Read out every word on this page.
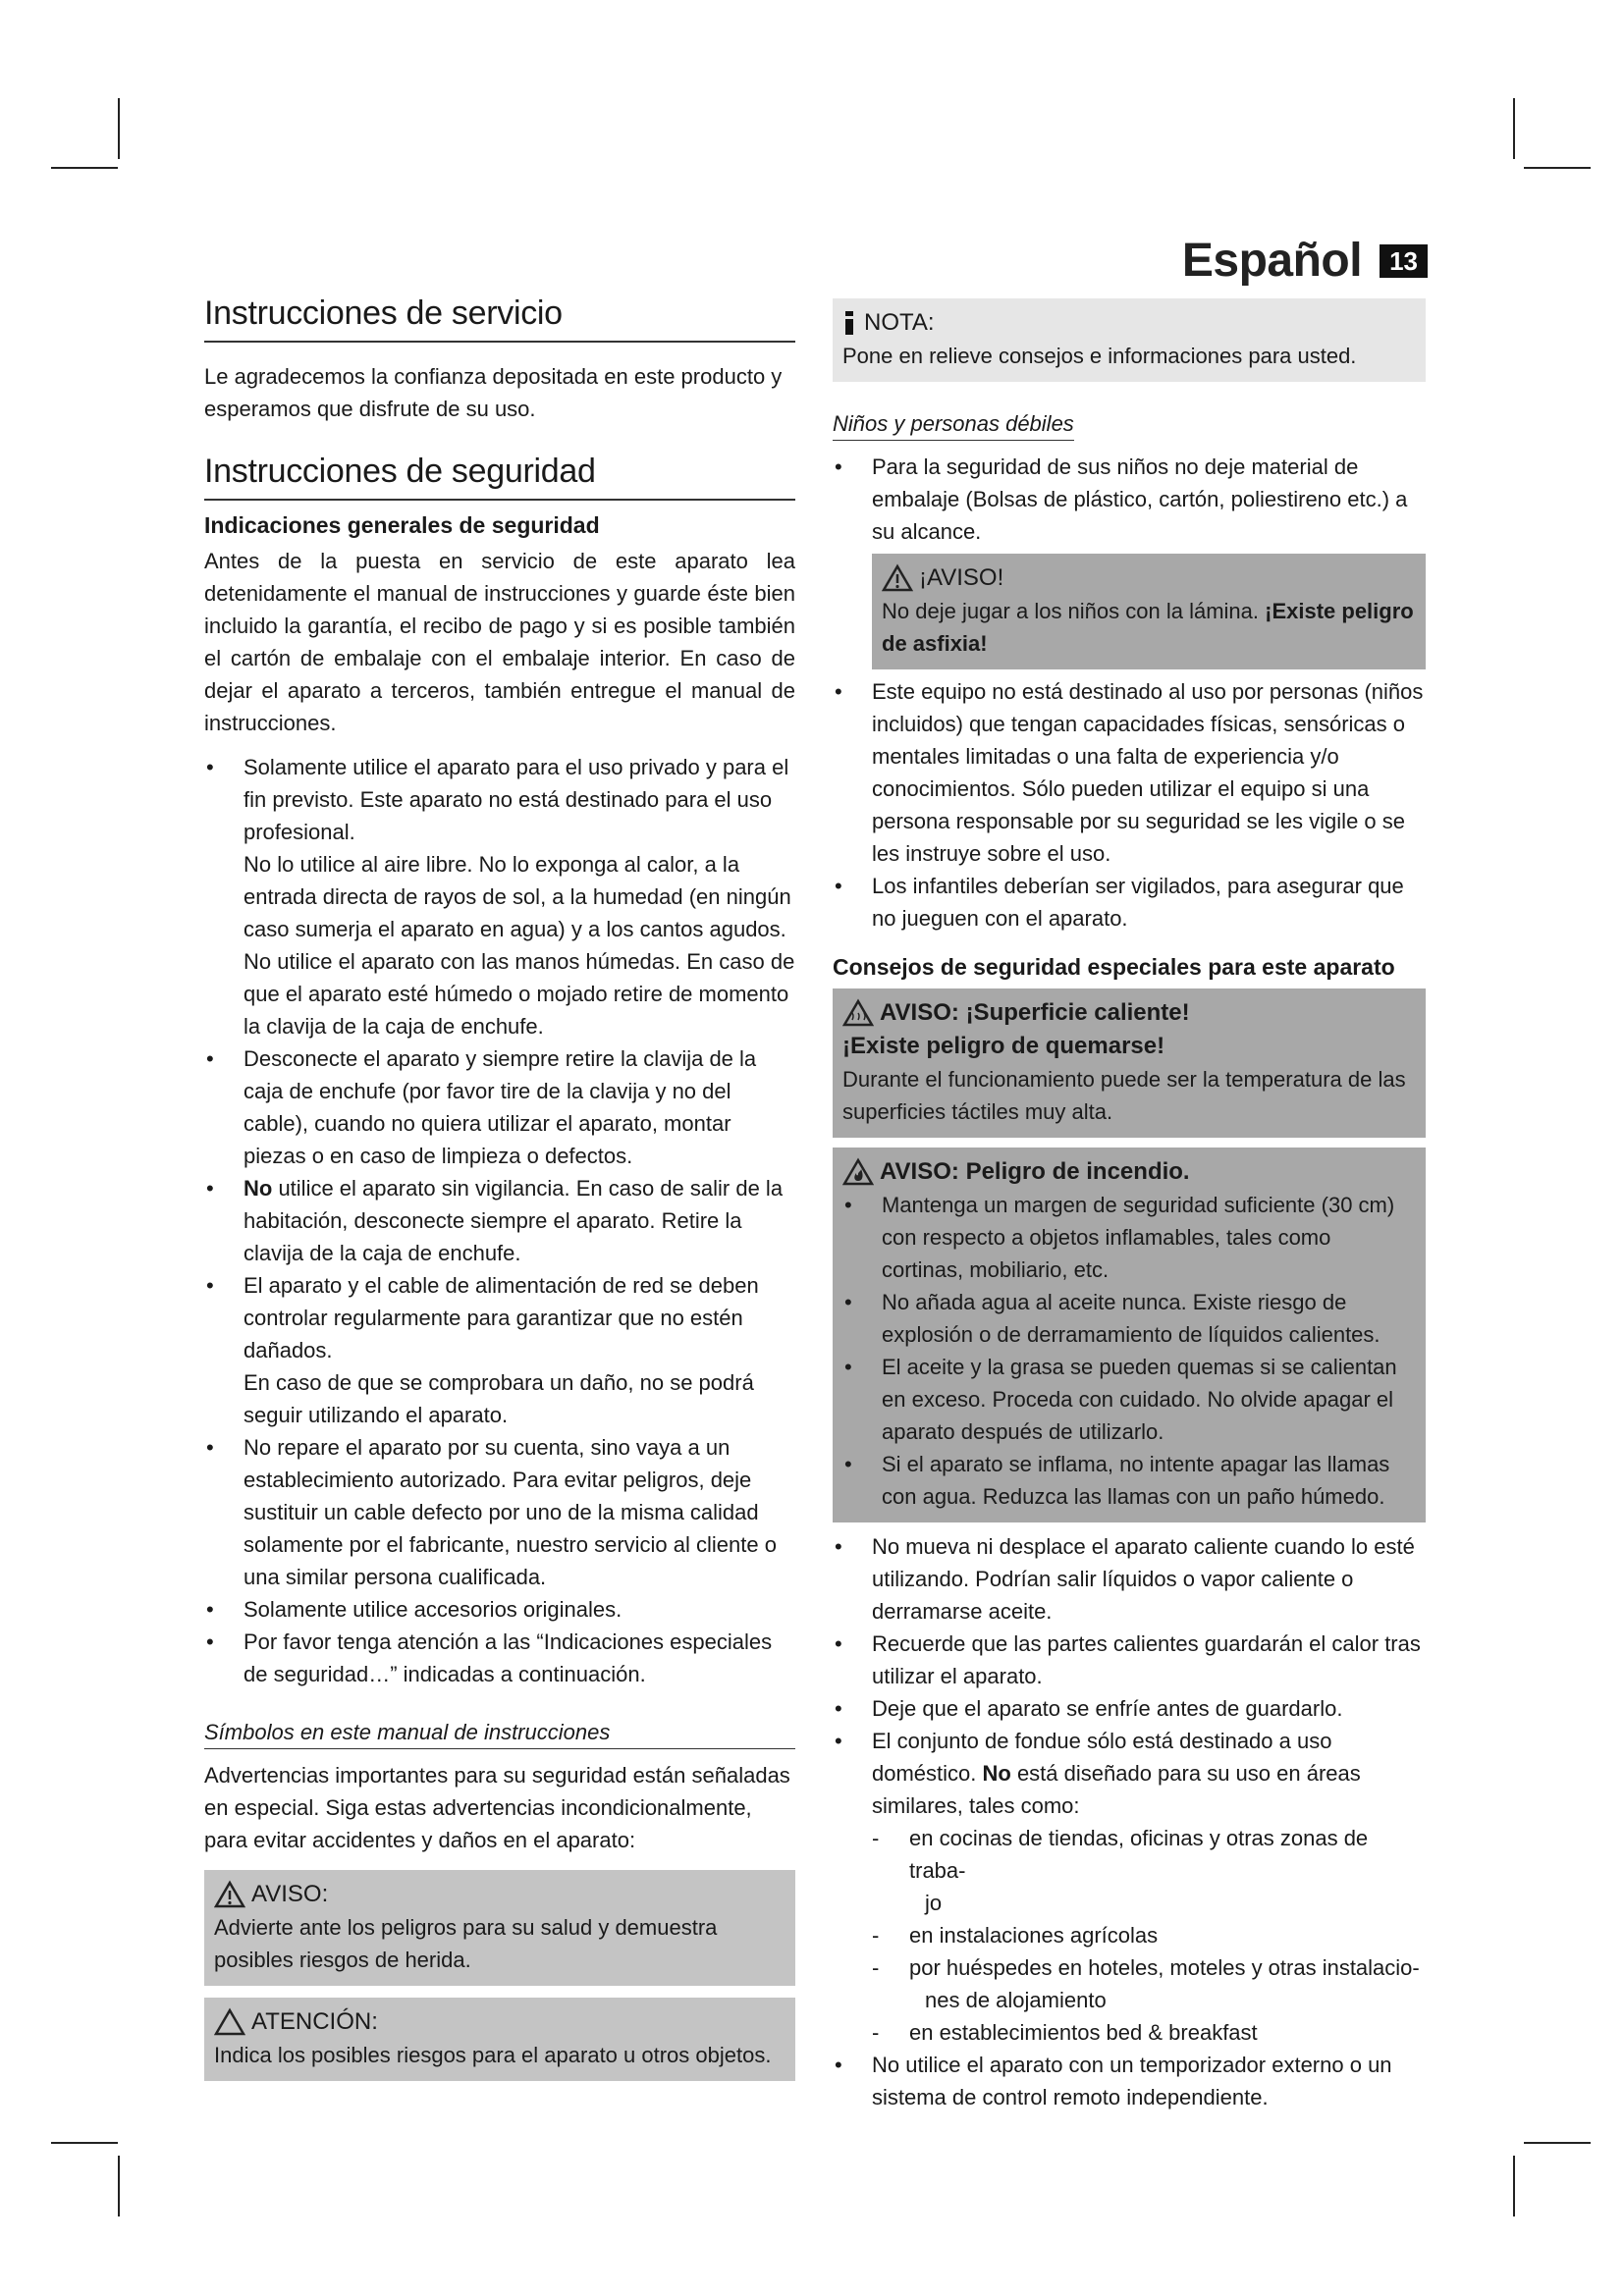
Español	13
Instrucciones de servicio

Le agradecemos la confianza depositada en este producto y esperamos que disfrute de su uso.

Instrucciones de seguridad
Indicaciones generales de seguridad

Antes de la puesta en servicio de este aparato lea detenidamente el manual de instrucciones y guarde éste bien incluido la garantía, el recibo de pago y si es posible también el cartón de embalaje con el embalaje interior. En caso de dejar el aparato a terceros, también entregue el manual de instrucciones.

• Solamente utilice el aparato para el uso privado y para el fin previsto. Este aparato no está destinado para el uso profesional.
No lo utilice al aire libre. No lo exponga al calor, a la entrada directa de rayos de sol, a la humedad (en ningún caso sumerja el aparato en agua) y a los cantos agudos. No utilice el aparato con las manos húmedas. En caso de que el aparato esté húmedo o mojado retire de momento la clavija de la caja de enchufe.
• Desconecte el aparato y siempre retire la clavija de la caja de enchufe (por favor tire de la clavija y no del cable), cuando no quiera utilizar el aparato, montar piezas o en caso de limpieza o defectos.
• No utilice el aparato sin vigilancia. En caso de salir de la habitación, desconecte siempre el aparato. Retire la clavija de la caja de enchufe.
• El aparato y el cable de alimentación de red se deben controlar regularmente para garantizar que no estén dañados.
En caso de que se comprobara un daño, no se podrá seguir utilizando el aparato.
• No repare el aparato por su cuenta, sino vaya a un establecimiento autorizado. Para evitar peligros, deje sustituir un cable defecto por uno de la misma calidad solamente por el fabricante, nuestro servicio al cliente o una similar persona cualificada.
• Solamente utilice accesorios originales.
• Por favor tenga atención a las “Indicaciones especiales de seguridad…” indicadas a continuación.
Símbolos en este manual de instrucciones

Advertencias importantes para su seguridad están señaladas en especial. Siga estas advertencias incondicionalmente, para evitar accidentes y daños en el aparato:

AVISO:

Advierte ante los peligros para su salud y demuestra posibles riesgos de herida.

ATENCIÓN:

Indica los posibles riesgos para el aparato u otros objetos.

NOTA:

Pone en relieve consejos e informaciones para usted.

Niños y personas débiles
• Para la seguridad de sus niños no deje material de embalaje (Bolsas de plástico, cartón, poliestireno etc.) a su alcance.
¡AVISO!

No deje jugar a los niños con la lámina. ¡Existe peligro de asfixia!

• Este equipo no está destinado al uso por personas (niños incluidos) que tengan capacidades físicas, sensóricas o mentales limitadas o una falta de experiencia y/o conocimientos. Sólo pueden utilizar el equipo si una persona responsable por su seguridad se les vigile o se les instruye sobre el uso.
• Los infantiles deberían ser vigilados, para asegurar que no jueguen con el aparato.
Consejos de seguridad especiales para este aparato
AVISO: ¡Superficie caliente!
¡Existe peligro de quemarse!

Durante el funcionamiento puede ser la temperatura de las superficies táctiles muy alta.

AVISO: Peligro de incendio.
• Mantenga un margen de seguridad suficiente (30 cm) con respecto a objetos inflamables, tales como cortinas, mobiliario, etc.
• No añada agua al aceite nunca. Existe riesgo de explosión o de derramamiento de líquidos calientes.
• El aceite y la grasa se pueden quemas si se calientan en exceso. Proceda con cuidado. No olvide apagar el aparato después de utilizarlo.
• Si el aparato se inflama, no intente apagar las llamas con agua. Reduzca las llamas con un paño húmedo.
• No mueva ni desplace el aparato caliente cuando lo esté utilizando. Podrían salir líquidos o vapor caliente o derramarse aceite.
• Recuerde que las partes calientes guardarán el calor tras utilizar el aparato.
• Deje que el aparato se enfríe antes de guardarlo.
• El conjunto de fondue sólo está destinado a uso doméstico. No está diseñado para su uso en áreas similares, tales como:
- en cocinas de tiendas, oficinas y otras zonas de traba-
jo
- en instalaciones agrícolas
- por huéspedes en hoteles, moteles y otras instalacio-
nes de alojamiento
- en establecimientos bed & breakfast
• No utilice el aparato con un temporizador externo o un sistema de control remoto independiente.
